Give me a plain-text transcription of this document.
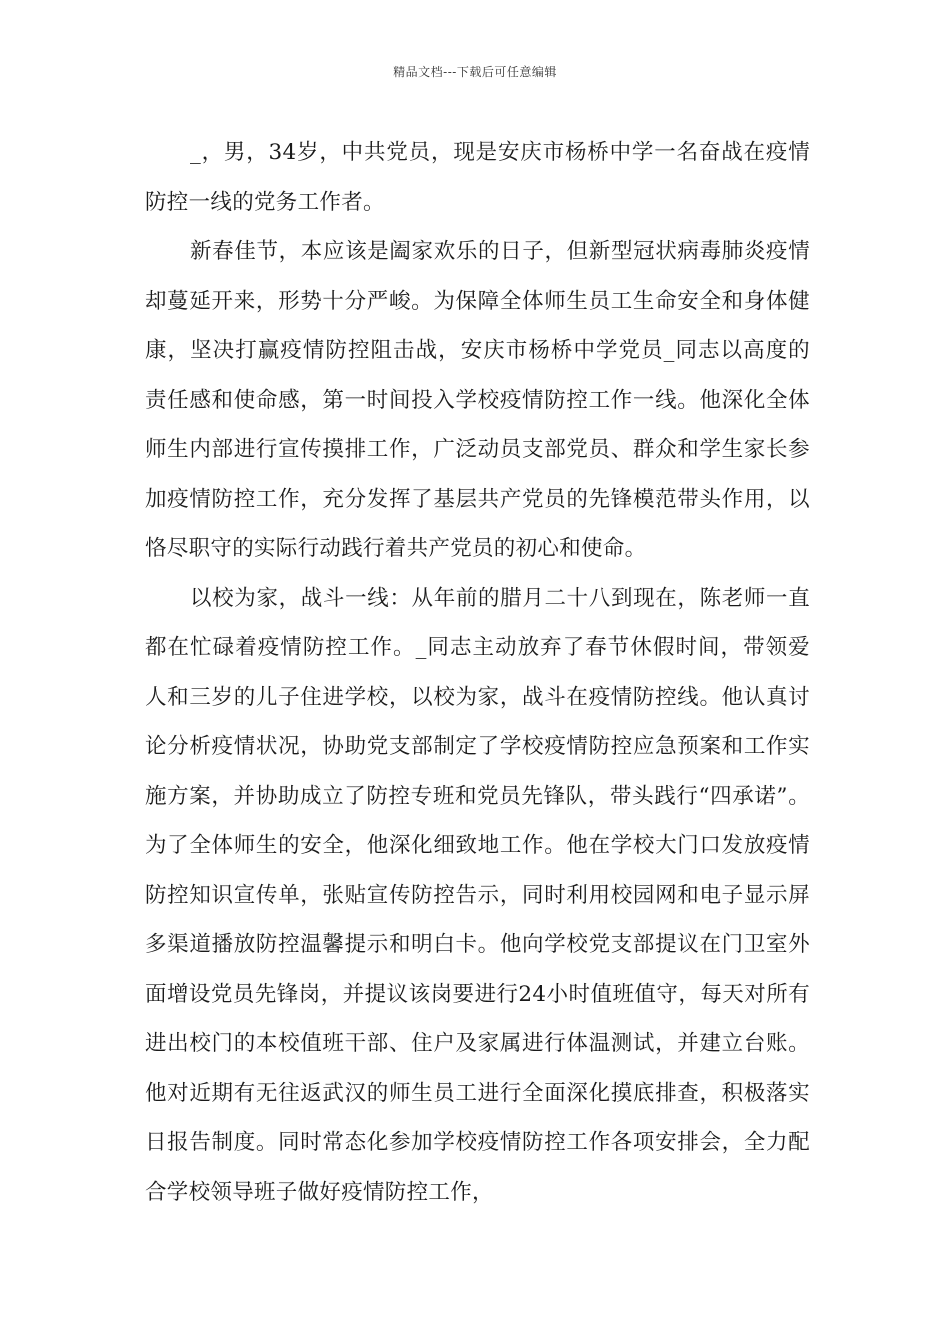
精品文档---下载后可任意编辑

_，男，34岁，中共党员，现是安庆市杨桥中学一名奋战在疫情防控一线的党务工作者。

新春佳节，本应该是阖家欢乐的日子，但新型冠状病毒肺炎疫情却蔓延开来，形势十分严峻。为保障全体师生员工生命安全和身体健康，坚决打赢疫情防控阻击战，安庆市杨桥中学党员_同志以高度的责任感和使命感，第一时间投入学校疫情防控工作一线。他深化全体师生内部进行宣传摸排工作，广泛动员支部党员、群众和学生家长参加疫情防控工作，充分发挥了基层共产党员的先锋模范带头作用，以恪尽职守的实际行动践行着共产党员的初心和使命。

以校为家，战斗一线：从年前的腊月二十八到现在，陈老师一直都在忙碌着疫情防控工作。_同志主动放弃了春节休假时间，带领爱人和三岁的儿子住进学校，以校为家，战斗在疫情防控线。他认真讨论分析疫情状况，协助党支部制定了学校疫情防控应急预案和工作实施方案，并协助成立了防控专班和党员先锋队，带头践行“四承诺”。为了全体师生的安全，他深化细致地工作。他在学校大门口发放疫情防控知识宣传单，张贴宣传防控告示，同时利用校园网和电子显示屏多渠道播放防控温馨提示和明白卡。他向学校党支部提议在门卫室外面增设党员先锋岗，并提议该岗要进行24小时值班值守，每天对所有进出校门的本校值班干部、住户及家属进行体温测试，并建立台账。他对近期有无往返武汉的师生员工进行全面深化摸底排查，积极落实日报告制度。同时常态化参加学校疫情防控工作各项安排会，全力配合学校领导班子做好疫情防控工作，
